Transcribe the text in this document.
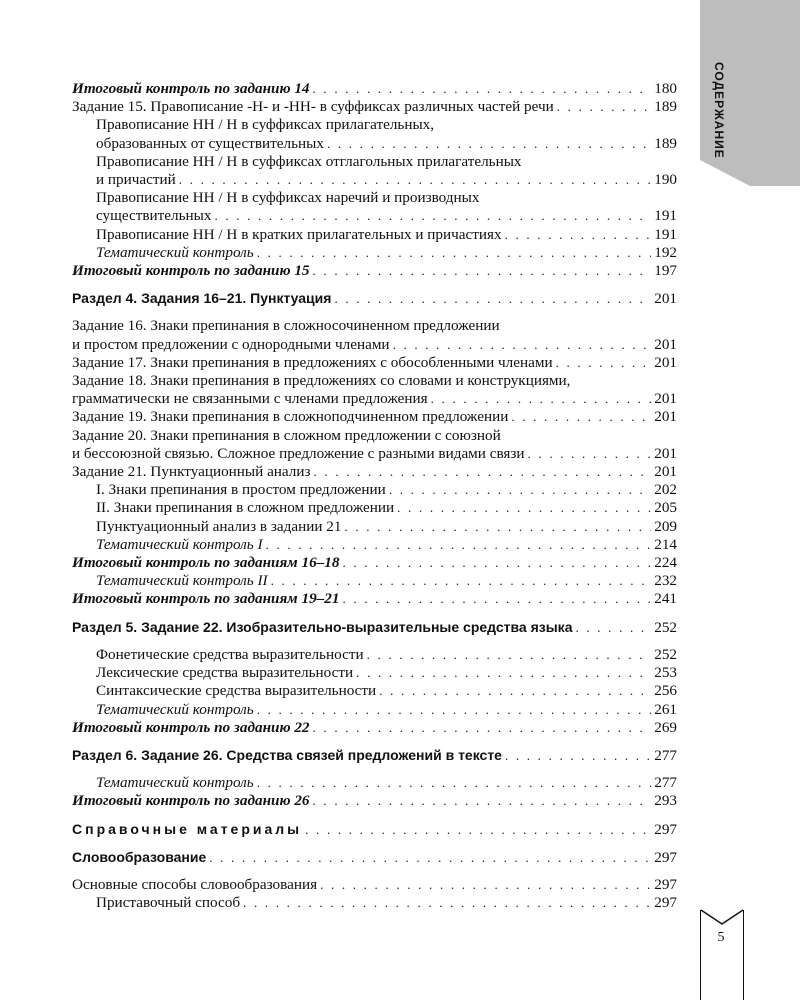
СОДЕРЖАНИЕ
Итоговый контроль по заданию 14 . . .	180
Задание 15. Правописание -Н- и -НН- в суффиксах различных частей речи . . .	189
Правописание НН / Н в суффиксах прилагательных,
образованных от существительных . . .	189
Правописание НН / Н в суффиксах отглагольных прилагательных
и причастий . . .	190
Правописание НН / Н в суффиксах наречий и производных
существительных . . .	191
Правописание НН / Н в кратких прилагательных и причастиях . . .	191
Тематический контроль . . .	192
Итоговый контроль по заданию 15 . . .	197
Раздел 4. Задания 16–21. Пунктуация . . .	201
Задание 16. Знаки препинания в сложносочиненном предложении
и простом предложении с однородными членами . . .	201
Задание 17. Знаки препинания в предложениях с обособленными членами . . .	201
Задание 18. Знаки препинания в предложениях со словами и конструкциями,
грамматически не связанными с членами предложения . . .	201
Задание 19. Знаки препинания в сложноподчиненном предложении . . .	201
Задание 20. Знаки препинания в сложном предложении с союзной
и бессоюзной связью. Сложное предложение с разными видами связи . . .	201
Задание 21. Пунктуационный анализ . . .	201
I. Знаки препинания в простом предложении . . .	202
II. Знаки препинания в сложном предложении . . .	205
Пунктуационный анализ в задании 21 . . .	209
Тематический контроль I . . .	214
Итоговый контроль по заданиям 16–18 . . .	224
Тематический контроль II . . .	232
Итоговый контроль по заданиям 19–21 . . .	241
Раздел 5. Задание 22. Изобразительно-выразительные средства языка . . .	252
Фонетические средства выразительности . . .	252
Лексические средства выразительности . . .	253
Синтаксические средства выразительности . . .	256
Тематический контроль . . .	261
Итоговый контроль по заданию 22 . . .	269
Раздел 6. Задание 26. Средства связей предложений в тексте . . .	277
Тематический контроль . . .	277
Итоговый контроль по заданию 26 . . .	293
Справочные материалы . . .	297
Словообразование . . .	297
Основные способы словообразования . . .	297
Приставочный способ . . .	297
5
